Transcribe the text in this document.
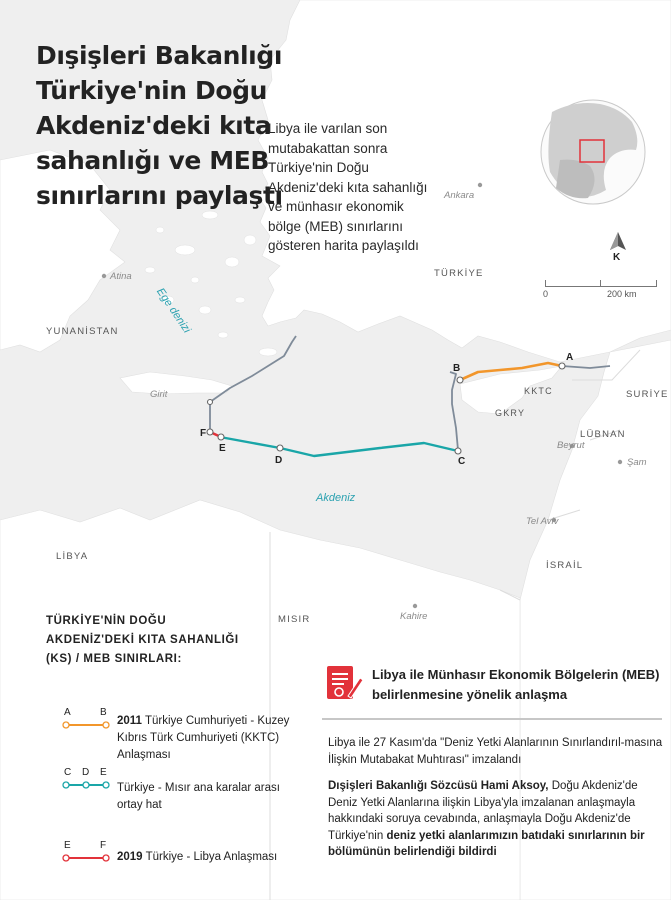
Dışişleri Bakanlığı Türkiye'nin Doğu Akdeniz'deki kıta sahanlığı ve MEB sınırlarını paylaştı
Libya ile varılan son mutabakattan sonra Türkiye'nin Doğu Akdeniz'deki kıta sahanlığı ve münhasır ekonomik bölge (MEB) sınırlarını gösteren harita paylaşıldı
TÜRKİYE
YUNANİSTAN
SURİYE
LÜBNAN
İSRAİL
LİBYA
MISIR
KKTC
GKRY
Ankara
Atina
Girit
Beyrut
Şam
Tel Aviv
Kahire
Ege denizi
Akdeniz
A
B
C
D
E
F
K
0	200 km
TÜRKİYE'NİN DOĞU AKDENİZ'DEKİ KITA SAHANLIĞI (KS) / MEB SINIRLARI:
A	B
2011 Türkiye Cumhuriyeti - Kuzey Kıbrıs Türk Cumhuriyeti (KKTC) Anlaşması
C D E
Türkiye - Mısır ana karalar arası ortay hat
E	F
2019 Türkiye - Libya Anlaşması
Libya ile Münhasır Ekonomik Bölgelerin (MEB) belirlenmesine yönelik anlaşma
Libya ile 27 Kasım'da "Deniz Yetki Alanlarının Sınırlandırıl-masına İlişkin Mutabakat Muhtırası" imzalandı
Dışişleri Bakanlığı Sözcüsü Hami Aksoy, Doğu Akdeniz'de Deniz Yetki Alanlarına ilişkin Libya'yla imzalanan anlaşmayla hakkındaki soruya cevabında, anlaşmayla Doğu Akdeniz'de Türkiye'nin deniz yetki alanlarımızın batıdaki sınırlarının bir bölümünün belirlendiği bildirdi
